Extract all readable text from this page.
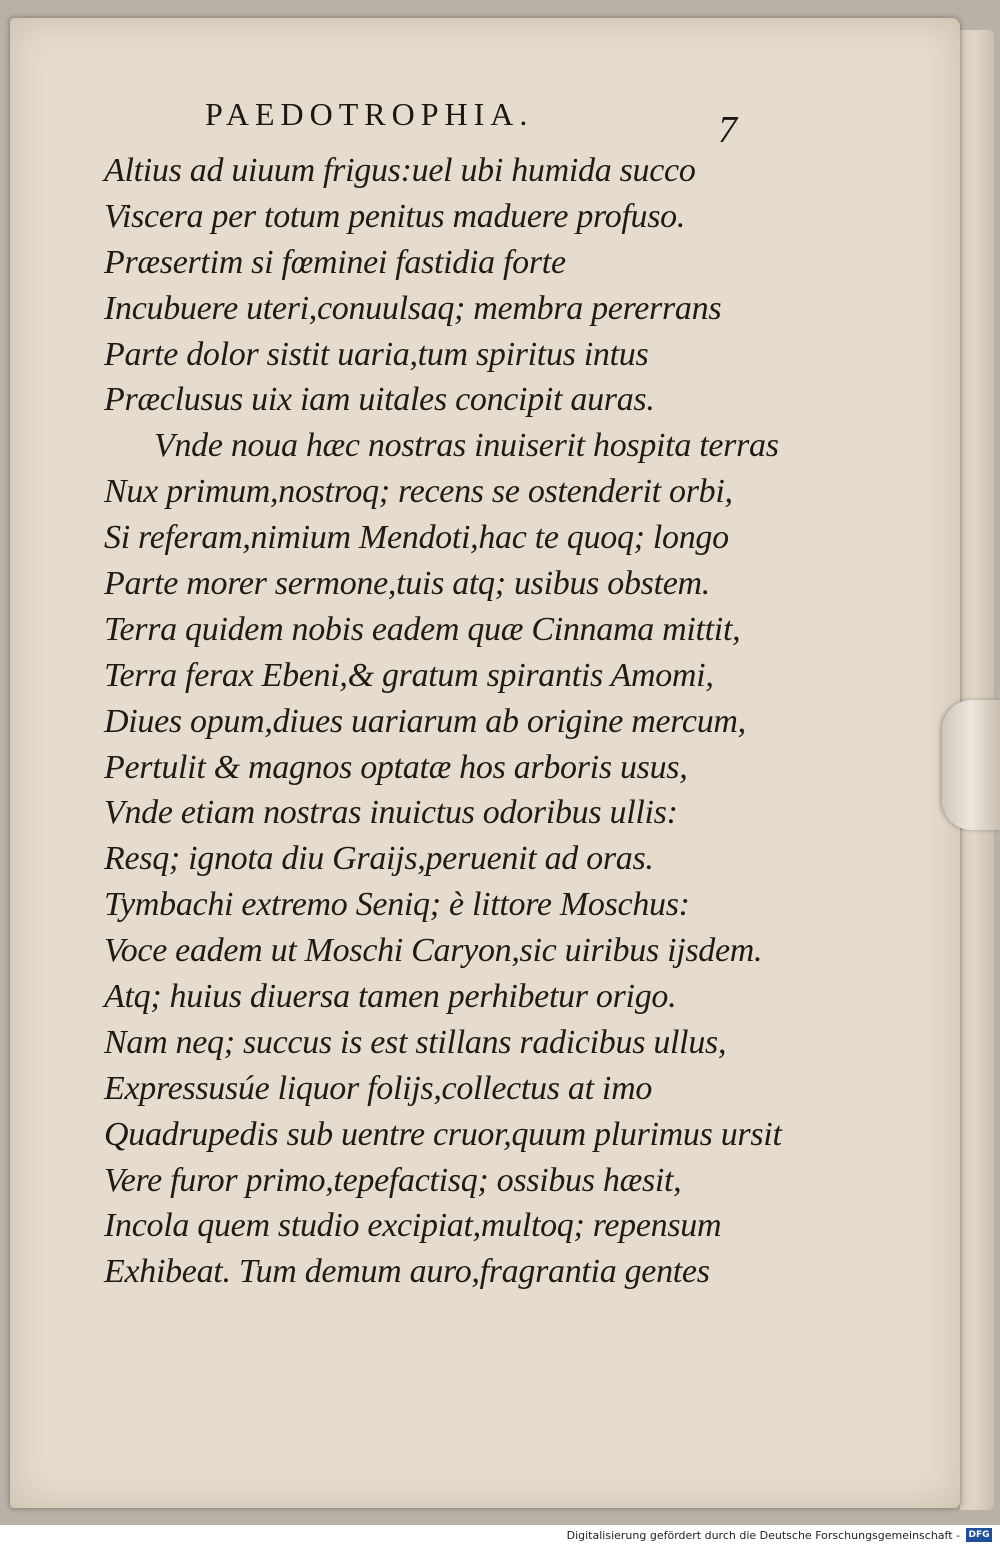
PAEDOTROPHIA.	7
Altius ad uiuum frigus:uel ubi humida succo
Viscera per totum penitus maduere profuso.
Præsertim si fœminei fastidia forte
Incubuere uteri,conuulsaq; membra pererrans
Parte dolor sistit uaria,tum spiritus intus
Præclusus uix iam uitales concipit auras.
Vnde noua hæc nostras inuiserit hospita terras
Nux primum,nostroq; recens se ostenderit orbi,
Si referam,nimium Mendoti,hac te quoq; longo
Parte morer sermone,tuis atq; usibus obstem.
Terra quidem nobis eadem quæ Cinnama mittit,
Terra ferax Ebeni,& gratum spirantis Amomi,
Diues opum,diues uariarum ab origine mercum,
Pertulit & magnos optatæ hos arboris usus,
Vnde etiam nostras inuictus odoribus ullis:
Resq; ignota diu Graijs,peruenit ad oras.
Tymbachi extremo Seniq; è littore Moschus:
Voce eadem ut Moschi Caryon,sic uiribus ijsdem.
Atq; huius diuersa tamen perhibetur origo.
Nam neq; succus is est stillans radicibus ullus,
Expressusúe liquor folijs,collectus at imo
Quadrupedis sub uentre cruor,quum plurimus ursit
Vere furor primo,tepefactisq; ossibus hæsit,
Incola quem studio excipiat,multoq; repensum
Exhibeat. Tum demum auro,fragrantia gentes
Digitalisierung gefördert durch die Deutsche Forschungsgemeinschaft - DFG
